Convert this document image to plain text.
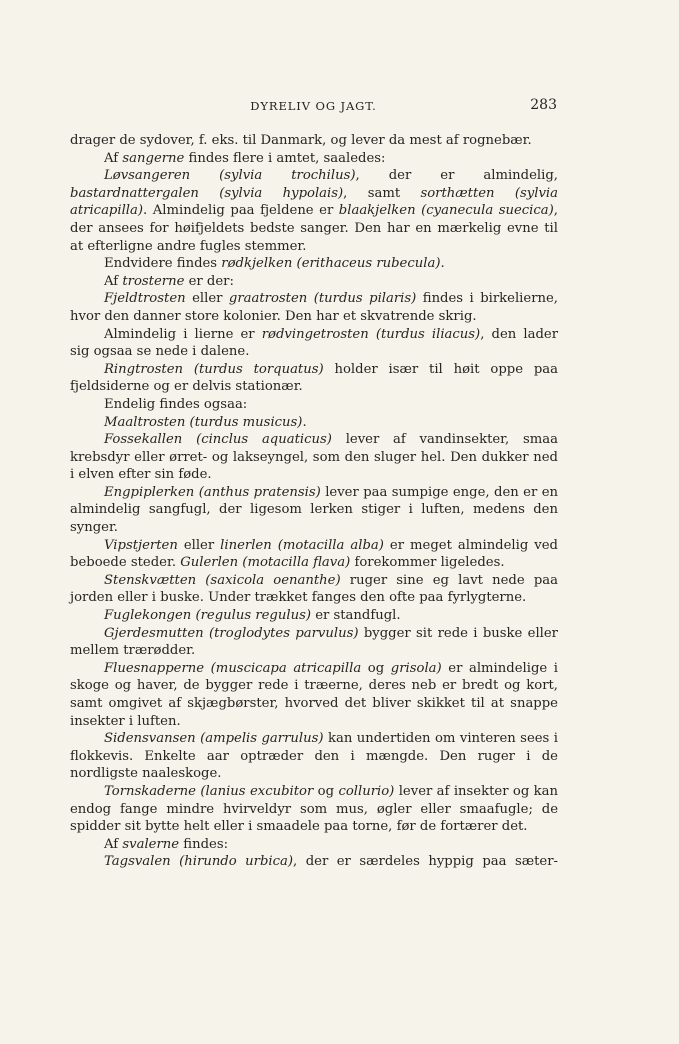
DYRELIV OG JAGT.	283

drager de sydover, f. eks. til Danmark, og lever da mest af rognebær.

Af sangerne findes flere i amtet, saaledes:

Løvsangeren (sylvia trochilus), der er almindelig, bastardnattergalen (sylvia hypolais), samt sorthætten (sylvia atricapilla). Almindelig paa fjeldene er blaakjelken (cyanecula suecica), der ansees for høifjeldets bedste sanger. Den har en mærkelig evne til at efterligne andre fugles stemmer.

Endvidere findes rødkjelken (erithaceus rubecula).

Af trosterne er der:

Fjeldtrosten eller graatrosten (turdus pilaris) findes i birkelierne, hvor den danner store kolonier. Den har et skvatrende skrig.

Almindelig i lierne er rødvingetrosten (turdus iliacus), den lader sig ogsaa se nede i dalene.

Ringtrosten (turdus torquatus) holder især til høit oppe paa fjeldsiderne og er delvis stationær.

Endelig findes ogsaa:

Maaltrosten (turdus musicus).

Fossekallen (cinclus aquaticus) lever af vandinsekter, smaa krebsdyr eller ørret- og lakseyngel, som den sluger hel. Den dukker ned i elven efter sin føde.

Engpiplerken (anthus pratensis) lever paa sumpige enge, den er en almindelig sangfugl, der ligesom lerken stiger i luften, medens den synger.

Vipstjerten eller linerlen (motacilla alba) er meget almindelig ved beboede steder. Gulerlen (motacilla flava) forekommer ligeledes.

Stenskvætten (saxicola oenanthe) ruger sine eg lavt nede paa jorden eller i buske. Under trækket fanges den ofte paa fyrlygterne.

Fuglekongen (regulus regulus) er standfugl.

Gjerdesmutten (troglodytes parvulus) bygger sit rede i buske eller mellem trærødder.

Fluesnapperne (muscicapa atricapilla og grisola) er almindelige i skoge og haver, de bygger rede i træerne, deres neb er bredt og kort, samt omgivet af skjægbørster, hvorved det bliver skikket til at snappe insekter i luften.

Sidensvansen (ampelis garrulus) kan undertiden om vinteren sees i flokkevis. Enkelte aar optræder den i mængde. Den ruger i de nordligste naaleskoge.

Tornskaderne (lanius excubitor og collurio) lever af insekter og kan endog fange mindre hvirveldyr som mus, øgler eller smaafugle; de spidder sit bytte helt eller i smaadele paa torne, før de fortærer det.

Af svalerne findes:

Tagsvalen (hirundo urbica), der er særdeles hyppig paa sæter-
